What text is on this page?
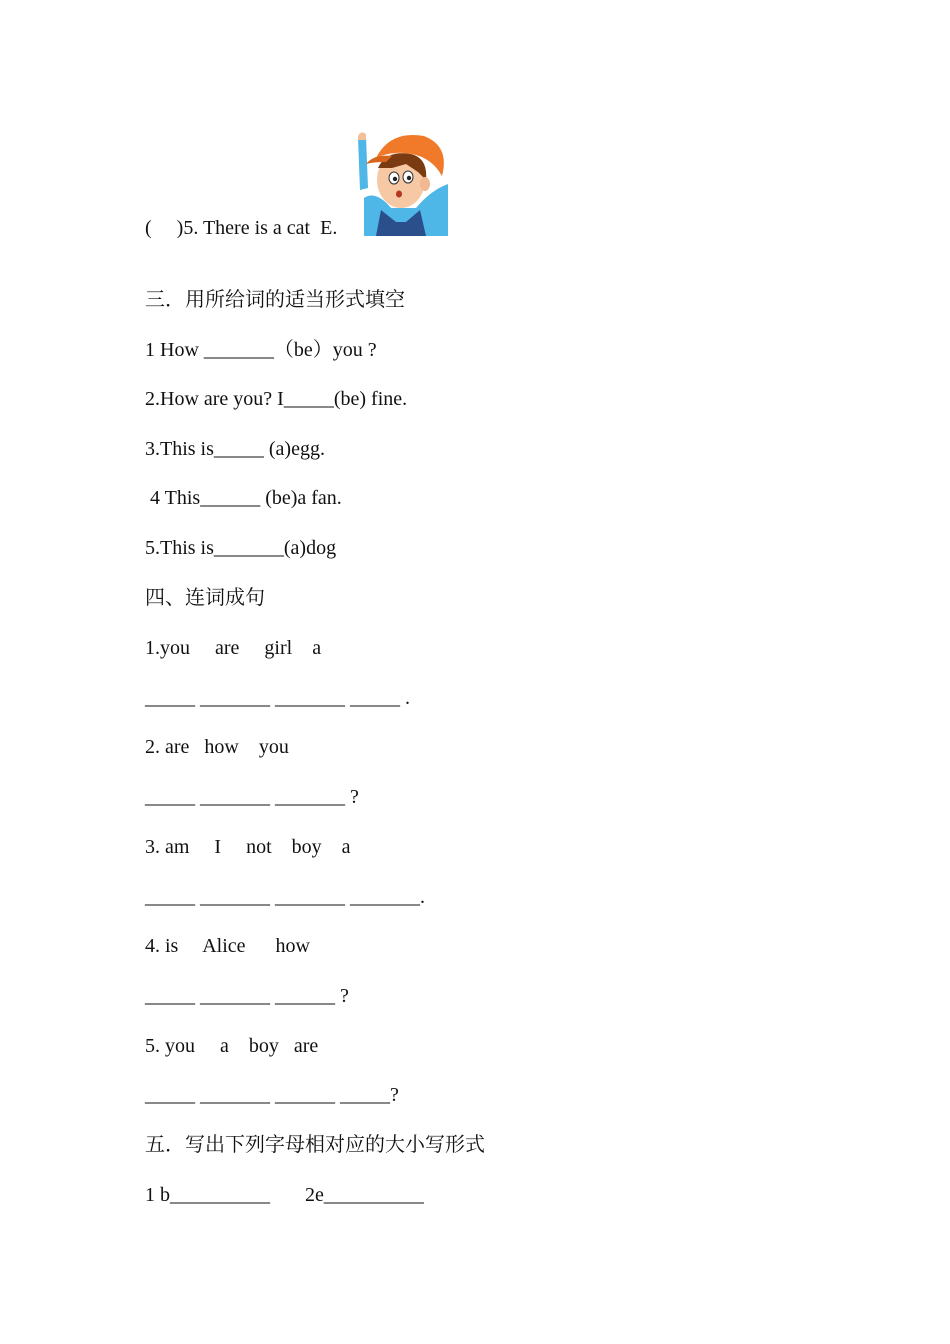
(     )5. There is a cat  E.
三．用所给词的适当形式填空
1 How _______（be）you ?
2.How are you? I_____(be) fine.
3.This is_____ (a)egg.
4 This______ (be)a fan.
5.This is_______(a)dog
四、连词成句
1.you     are     girl    a
_____ _______ _______ _____ .
2. are   how    you
_____ _______ _______ ?
3. am     I     not    boy    a
_____ _______ _______ _______.
4. is     Alice      how
_____ _______ ______ ?
5. you     a    boy   are
_____ _______ ______ _____?
五．写出下列字母相对应的大小写形式
1 b__________       2e__________
